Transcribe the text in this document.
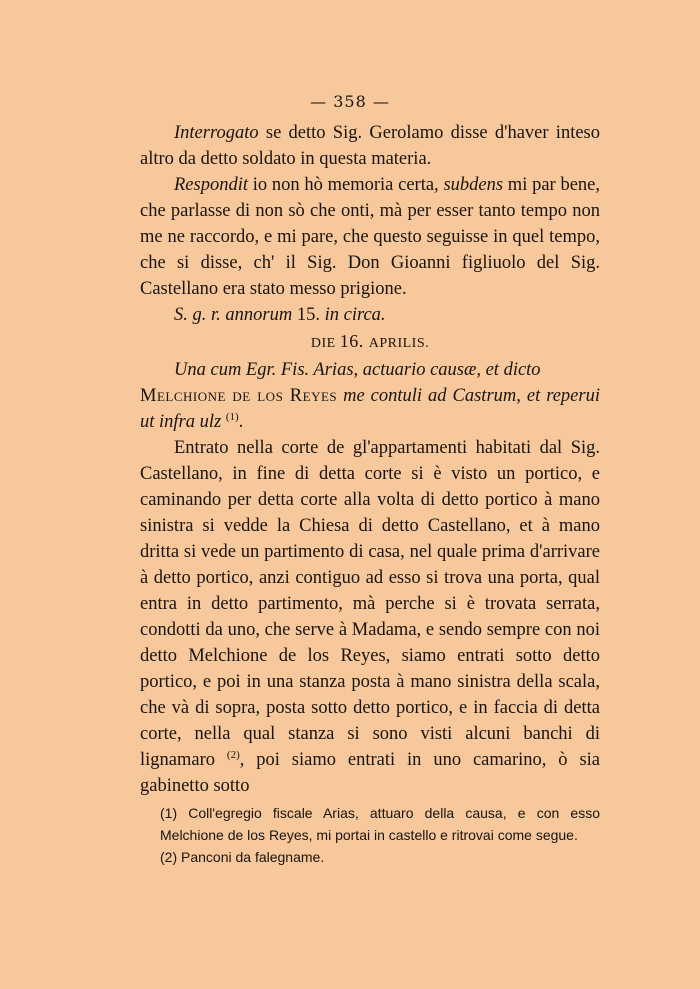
— 358 —

Interrogato se detto Sig. Gerolamo disse d'haver inteso altro da detto soldato in questa materia.

Respondit io non hò memoria certa, subdens mi par bene, che parlasse di non sò che onti, mà per esser tanto tempo non me ne raccordo, e mi pare, che questo seguisse in quel tempo, che si disse, ch' il Sig. Don Gioanni figliuolo del Sig. Castellano era stato messo prigione.

S. g. r. annorum 15. in circa.

DIE 16. APRILIS.

Una cum Egr. Fis. Arias, actuario causæ, et dicto
Melchione de los Reyes me contuli ad Castrum, et reperui ut infra ulz $^{(1)}$.

Entrato nella corte de gl'appartamenti habitati dal Sig. Castellano, in fine di detta corte si è visto un portico, e caminando per detta corte alla volta di detto portico à mano sinistra si vedde la Chiesa di detto Castellano, et à mano dritta si vede un partimento di casa, nel quale prima d'arrivare à detto portico, anzi contiguo ad esso si trova una porta, qual entra in detto partimento, mà perche si è trovata serrata, condotti da uno, che serve à Madama, e sendo sempre con noi detto Melchione de los Reyes, siamo entrati sotto detto portico, e poi in una stanza posta à mano sinistra della scala, che và di sopra, posta sotto detto portico, e in faccia di detta corte, nella qual stanza si sono visti alcuni banchi di lignamaro $^{(2)}$, poi siamo entrati in uno camarino, ò sia gabinetto sotto

(1) Coll'egregio fiscale Arias, attuaro della causa, e con esso Melchione de los Reyes, mi portai in castello e ritrovai come segue.

(2) Panconi da falegname.
